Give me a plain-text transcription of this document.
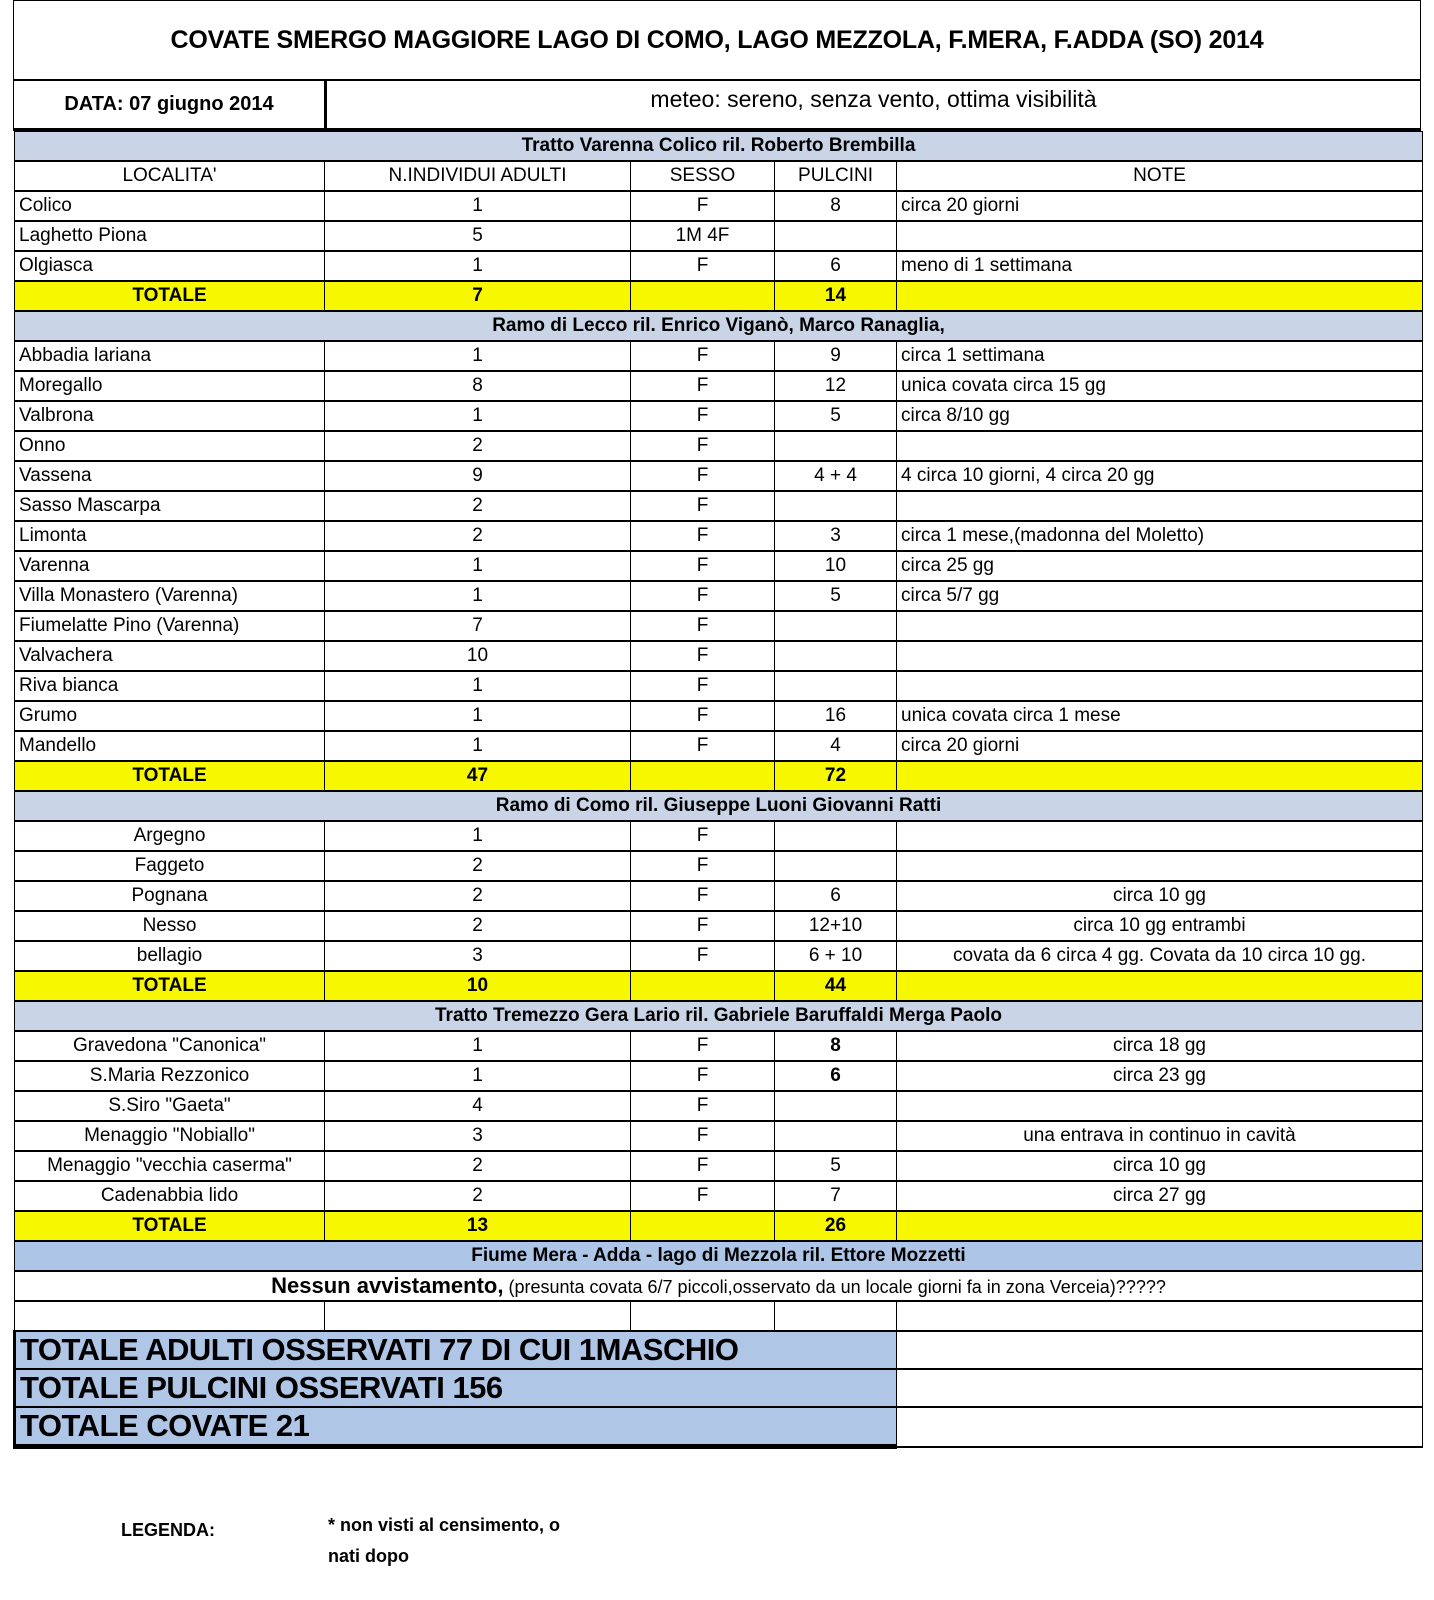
COVATE SMERGO MAGGIORE LAGO DI COMO, LAGO MEZZOLA, F.MERA, F.ADDA (SO) 2014
DATA: 07 giugno 2014	meteo: sereno, senza vento, ottima visibilità
Tratto Varenna Colico ril. Roberto Brembilla				
LOCALITA'	N.INDIVIDUI ADULTI	SESSO	PULCINI	NOTE
Colico	1	F	8	circa 20 giorni
Laghetto Piona	5	1M 4F		
Olgiasca	1	F	6	meno di 1 settimana
TOTALE	7		14	
Ramo di Lecco ril. Enrico Viganò, Marco Ranaglia,				
Abbadia lariana	1	F	9	circa 1 settimana
Moregallo	8	F	12	unica covata circa 15 gg
Valbrona	1	F	5	circa 8/10 gg
Onno	2	F		
Vassena	9	F	4 + 4	4 circa 10 giorni, 4 circa 20 gg
Sasso Mascarpa	2	F		
Limonta	2	F	3	circa 1 mese,(madonna del Moletto)
Varenna	1	F	10	circa 25 gg
Villa Monastero (Varenna)	1	F	5	circa 5/7 gg
Fiumelatte Pino (Varenna)	7	F		
Valvachera	10	F		
Riva bianca	1	F		
Grumo	1	F	16	unica covata circa 1 mese
Mandello	1	F	4	circa 20 giorni
TOTALE	47		72	
Ramo di Como ril. Giuseppe Luoni Giovanni Ratti				
Argegno	1	F		
Faggeto	2	F		
Pognana	2	F	6	circa 10 gg
Nesso	2	F	12+10	circa 10 gg entrambi
bellagio	3	F	6 + 10	covata da 6 circa 4 gg. Covata da 10 circa 10 gg.
TOTALE	10		44	
Tratto Tremezzo Gera Lario ril. Gabriele Baruffaldi Merga Paolo				
Gravedona "Canonica"	1	F	8	circa 18 gg
S.Maria Rezzonico	1	F	6	circa 23 gg
S.Siro "Gaeta"	4	F		
Menaggio "Nobiallo"	3	F		una entrava in continuo in cavità
Menaggio "vecchia caserma"	2	F	5	circa 10 gg
Cadenabbia lido	2	F	7	circa 27 gg
TOTALE	13		26	
Fiume Mera - Adda - lago di Mezzola ril. Ettore Mozzetti				
Nessun avvistamento, (presunta covata 6/7 piccoli,osservato da un locale giorni fa in zona Verceia)?????				

TOTALE ADULTI OSSERVATI 77 DI CUI 1MASCHIO				
TOTALE PULCINI OSSERVATI 156				
TOTALE COVATE 21				
LEGENDA:	* non visti al censimento, o
nati dopo
